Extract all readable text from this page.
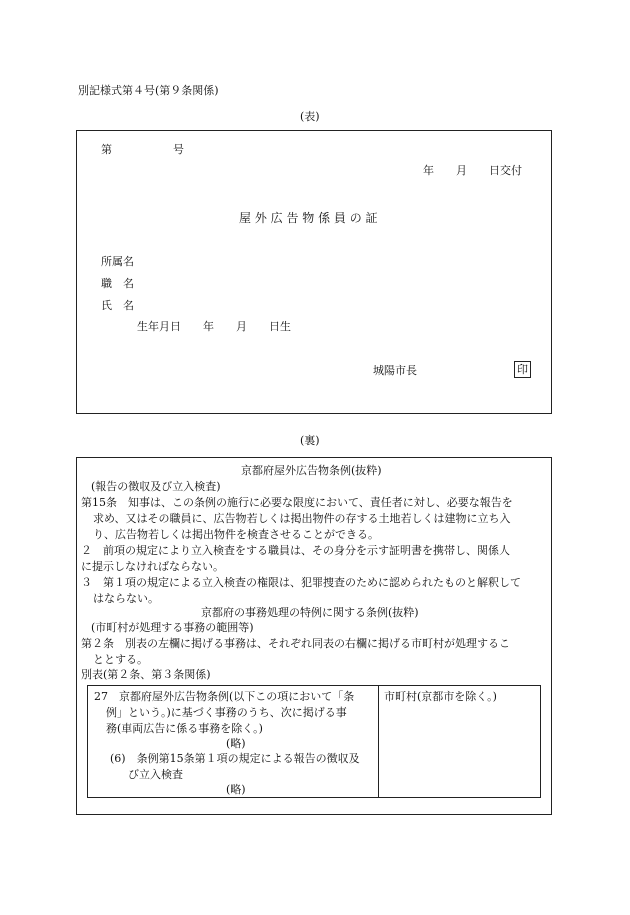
別記様式第４号(第９条関係)
(表)
第	号
年　　月　　日交付
屋 外 広 告 物 係 員 の 証
所属名
職　名
氏　名
生年月日　　年　　月　　日生
城陽市長	印
(裏)
京都府屋外広告物条例(抜粋)
(報告の徴収及び立入検査)
第15条　知事は、この条例の施行に必要な限度において、責任者に対し、必要な報告を
求め、又はその職員に、広告物若しくは掲出物件の存する土地若しくは建物に立ち入
り、広告物若しくは掲出物件を検査させることができる。
２　前項の規定により立入検査をする職員は、その身分を示す証明書を携帯し、関係人
に提示しなければならない。
３　第１項の規定による立入検査の権限は、犯罪捜査のために認められたものと解釈して
はならない。
京都府の事務処理の特例に関する条例(抜粋)
(市町村が処理する事務の範囲等)
第２条　別表の左欄に掲げる事務は、それぞれ同表の右欄に掲げる市町村が処理するこ
ととする。
別表(第２条、第３条関係)
27　京都府屋外広告物条例(以下この項において「条
例」という。)に基づく事務のうち、次に掲げる事
務(車両広告に係る事務を除く。)
(略)
(6)　条例第15条第１項の規定による報告の徴収及
び立入検査
(略)
市町村(京都市を除く。)
